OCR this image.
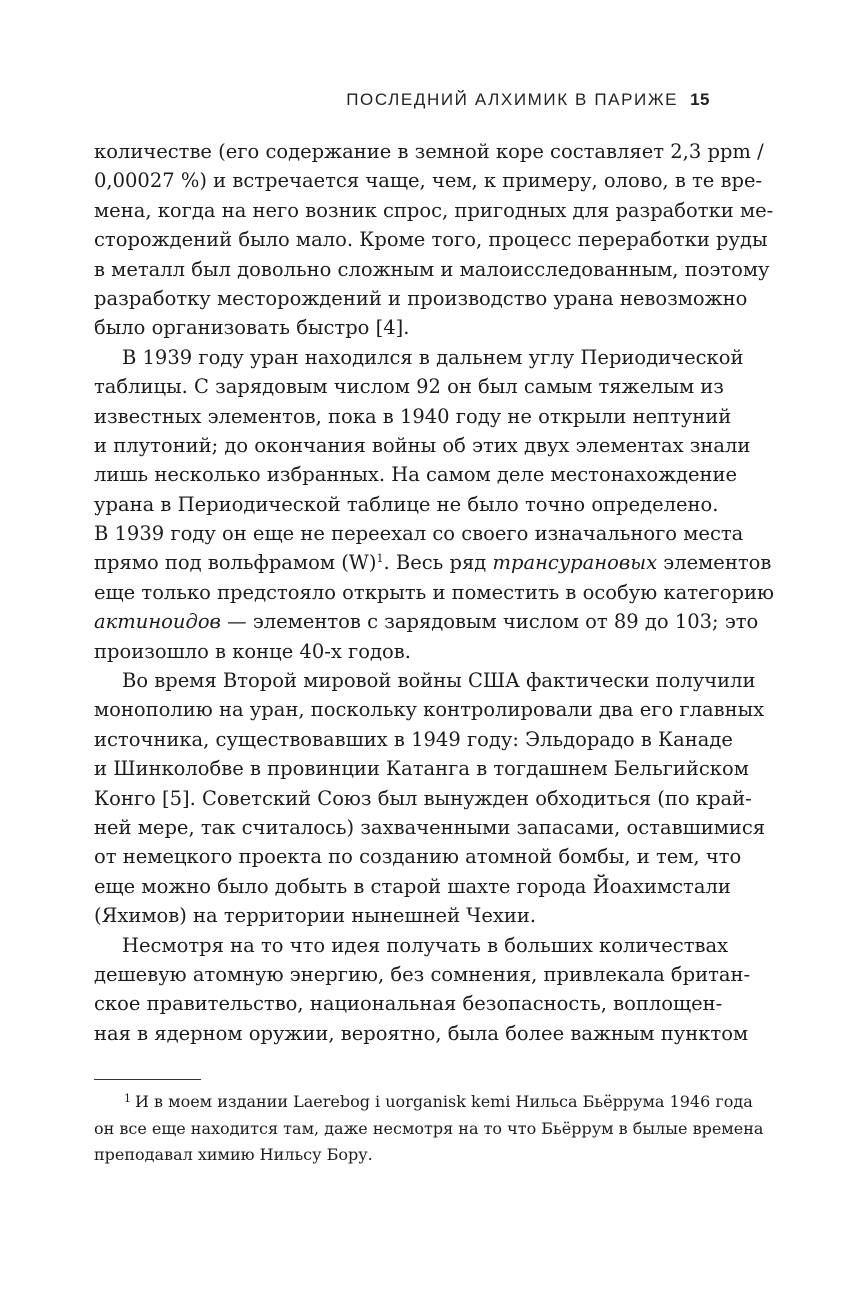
ПОСЛЕДНИЙ АЛХИМИК В ПАРИЖЕ 15
количестве (его содержание в земной коре составляет 2,3 ppm /
0,00027 %) и встречается чаще, чем, к примеру, олово, в те вре-
мена, когда на него возник спрос, пригодных для разработки ме-
сторождений было мало. Кроме того, процесс переработки руды
в металл был довольно сложным и малоисследованным, поэтому
разработку месторождений и производство урана невозможно
было организовать быстро [4].
В 1939 году уран находился в дальнем углу Периодической
таблицы. С зарядовым числом 92 он был самым тяжелым из
известных элементов, пока в 1940 году не открыли нептуний
и плутоний; до окончания войны об этих двух элементах знали
лишь несколько избранных. На самом деле местонахождение
урана в Периодической таблице не было точно определено.
В 1939 году он еще не переехал со своего изначального места
прямо под вольфрамом $(W)^1$. Весь ряд трансурановых элементов
еще только предстояло открыть и поместить в особую категорию
актиноидов — элементов с зарядовым числом от 89 до 103; это
произошло в конце 40-х годов.
Во время Второй мировой войны США фактически получили
монополию на уран, поскольку контролировали два его главных
источника, существовавших в 1949 году: Эльдорадо в Канаде
и Шинколобве в провинции Катанга в тогдашнем Бельгийском
Конго [5]. Советский Союз был вынужден обходиться (по край-
ней мере, так считалось) захваченными запасами, оставшимися
от немецкого проекта по созданию атомной бомбы, и тем, что
еще можно было добыть в старой шахте города Йоахимстали
(Яхимов) на территории нынешней Чехии.
Несмотря на то что идея получать в больших количествах
дешевую атомную энергию, без сомнения, привлекала британ-
ское правительство, национальная безопасность, воплощен-
ная в ядерном оружии, вероятно, была более важным пунктом
$^1$ И в моем издании Laerebog i uorganisk kemi Нильса Бьёррума 1946 года
он все еще находится там, даже несмотря на то что Бьёррум в былые времена
преподавал химию Нильсу Бору.
